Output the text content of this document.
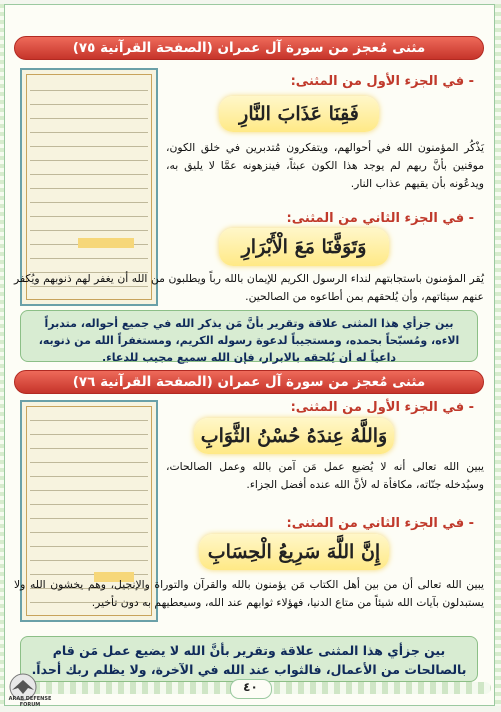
مثنى مُعجز من سورة آل عمران (الصفحة القرآنية ٧٥)
- في الجزء الأول من المثنى:
فَقِنَا عَذَابَ النَّارِ
يَذْكُر المؤمنون الله في أحوالهم، ويتفكرون مُتدبرين في خلق الكون، موقنين بأنَّ ربهم لم يوجد هذا الكون عبثاً، فينزهونه عمَّا لا يليق به، ويدعُونه بأن يقيهم عذاب النار.
- في الجزء الثاني من المثنى:
وَتَوَفَّنَا مَعَ الْأَبْرَارِ
يُقر المؤمنون باستجابتهم لنداء الرسول الكريم للإيمان بالله رباً ويطلبون من الله أن يغفر لهم ذنوبهم ويُكفر عنهم سيئاتهم، وأن يُلحقهم بمن أطاعوه من الصالحين.
بين جزأي هذا المثنى علاقة وتقرير بأنَّ مَن يذكر الله في جميع أحواله، متدبراً الاءه، ومُسبّحاً بحمده، ومستجيباً لدعوة رسوله الكريم، ومستغفراً الله من ذنوبه، داعياً له أن يُلحقه بالابرار، فإن الله سميع مجيب للدعاء.
مثنى مُعجز من سورة آل عمران (الصفحة القرآنية ٧٦)
- في الجزء الأول من المثنى:
وَاللَّهُ عِندَهُ حُسْنُ الثَّوَابِ
يبين الله تعالى أنه لا يُضيع عمل مَن آمن بالله وعمل الصالحات، وسيُدخله جنّاته، مكافأة له لأنَّ الله عنده أفضل الجزاء.
- في الجزء الثاني من المثنى:
إِنَّ اللَّهَ سَرِيعُ الْحِسَابِ
يبين الله تعالى أن من بين أهل الكتاب مَن يؤمنون بالله والقرآن والتوراة والإنجيل، وهم يخشون الله ولا يستبدلون بآيات الله شيئاً من متاع الدنيا، فهؤلاء ثوابهم عند الله، وسيعطيهم به دون تأخير.
بين جزأي هذا المثنى علاقة وتقرير بأنَّ الله لا يضيع عمل مَن قام بالصالحات من الأعمال، فالثواب عند الله في الآخرة، ولا يظلم ربك أحداً.
٤٠
ARAB DEFENSE FORUM
